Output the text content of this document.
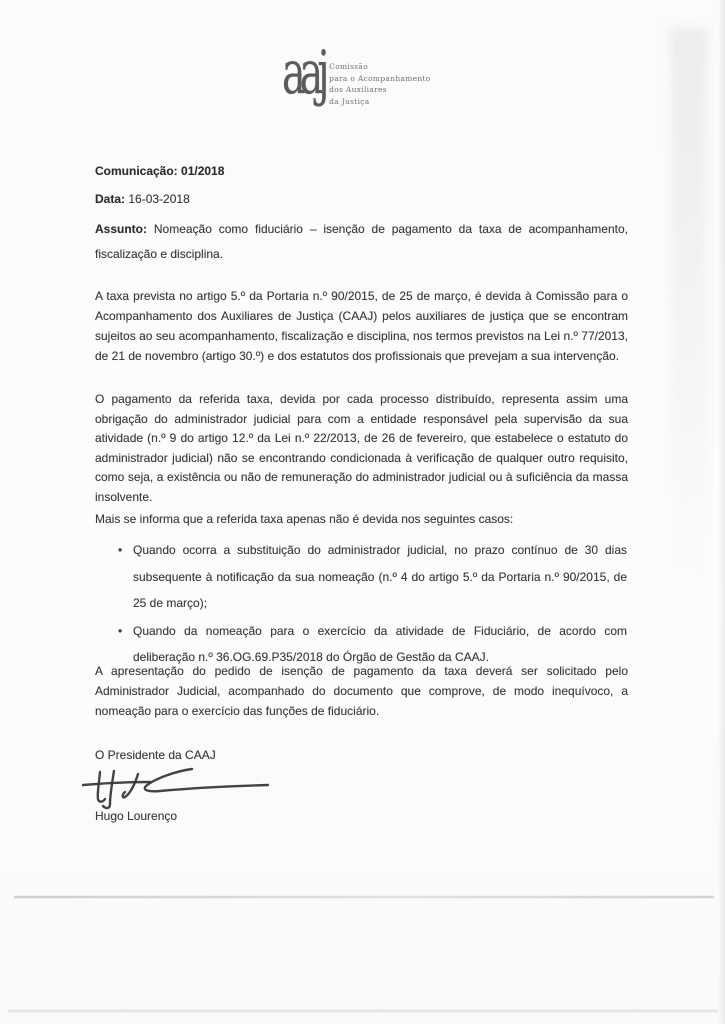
aaj Comissão
para o Acompanhamento
dos Auxiliares
da Justiça

Comunicação: 01/2018

Data: 16-03-2018

Assunto: Nomeação como fiduciário – isenção de pagamento da taxa de acompanhamento, fiscalização e disciplina.

A taxa prevista no artigo 5.º da Portaria n.º 90/2015, de 25 de março, é devida à Comissão para o Acompanhamento dos Auxiliares de Justiça (CAAJ) pelos auxiliares de justiça que se encontram sujeitos ao seu acompanhamento, fiscalização e disciplina, nos termos previstos na Lei n.º 77/2013, de 21 de novembro (artigo 30.º) e dos estatutos dos profissionais que prevejam a sua intervenção.

O pagamento da referida taxa, devida por cada processo distribuído, representa assim uma obrigação do administrador judicial para com a entidade responsável pela supervisão da sua atividade (n.º 9 do artigo 12.º da Lei n.º 22/2013, de 26 de fevereiro, que estabelece o estatuto do administrador judicial) não se encontrando condicionada à verificação de qualquer outro requisito, como seja, a existência ou não de remuneração do administrador judicial ou à suficiência da massa insolvente.

Mais se informa que a referida taxa apenas não é devida nos seguintes casos:

• Quando ocorra a substituição do administrador judicial, no prazo contínuo de 30 dias subsequente à notificação da sua nomeação (n.º 4 do artigo 5.º da Portaria n.º 90/2015, de 25 de março);
• Quando da nomeação para o exercício da atividade de Fiduciário, de acordo com deliberação n.º 36.OG.69.P35/2018 do Órgão de Gestão da CAAJ.

A apresentação do pedido de isenção de pagamento da taxa deverá ser solicitado pelo Administrador Judicial, acompanhado do documento que comprove, de modo inequívoco, a nomeação para o exercício das funções de fiduciário.

O Presidente da CAAJ

Hugo Lourenço
